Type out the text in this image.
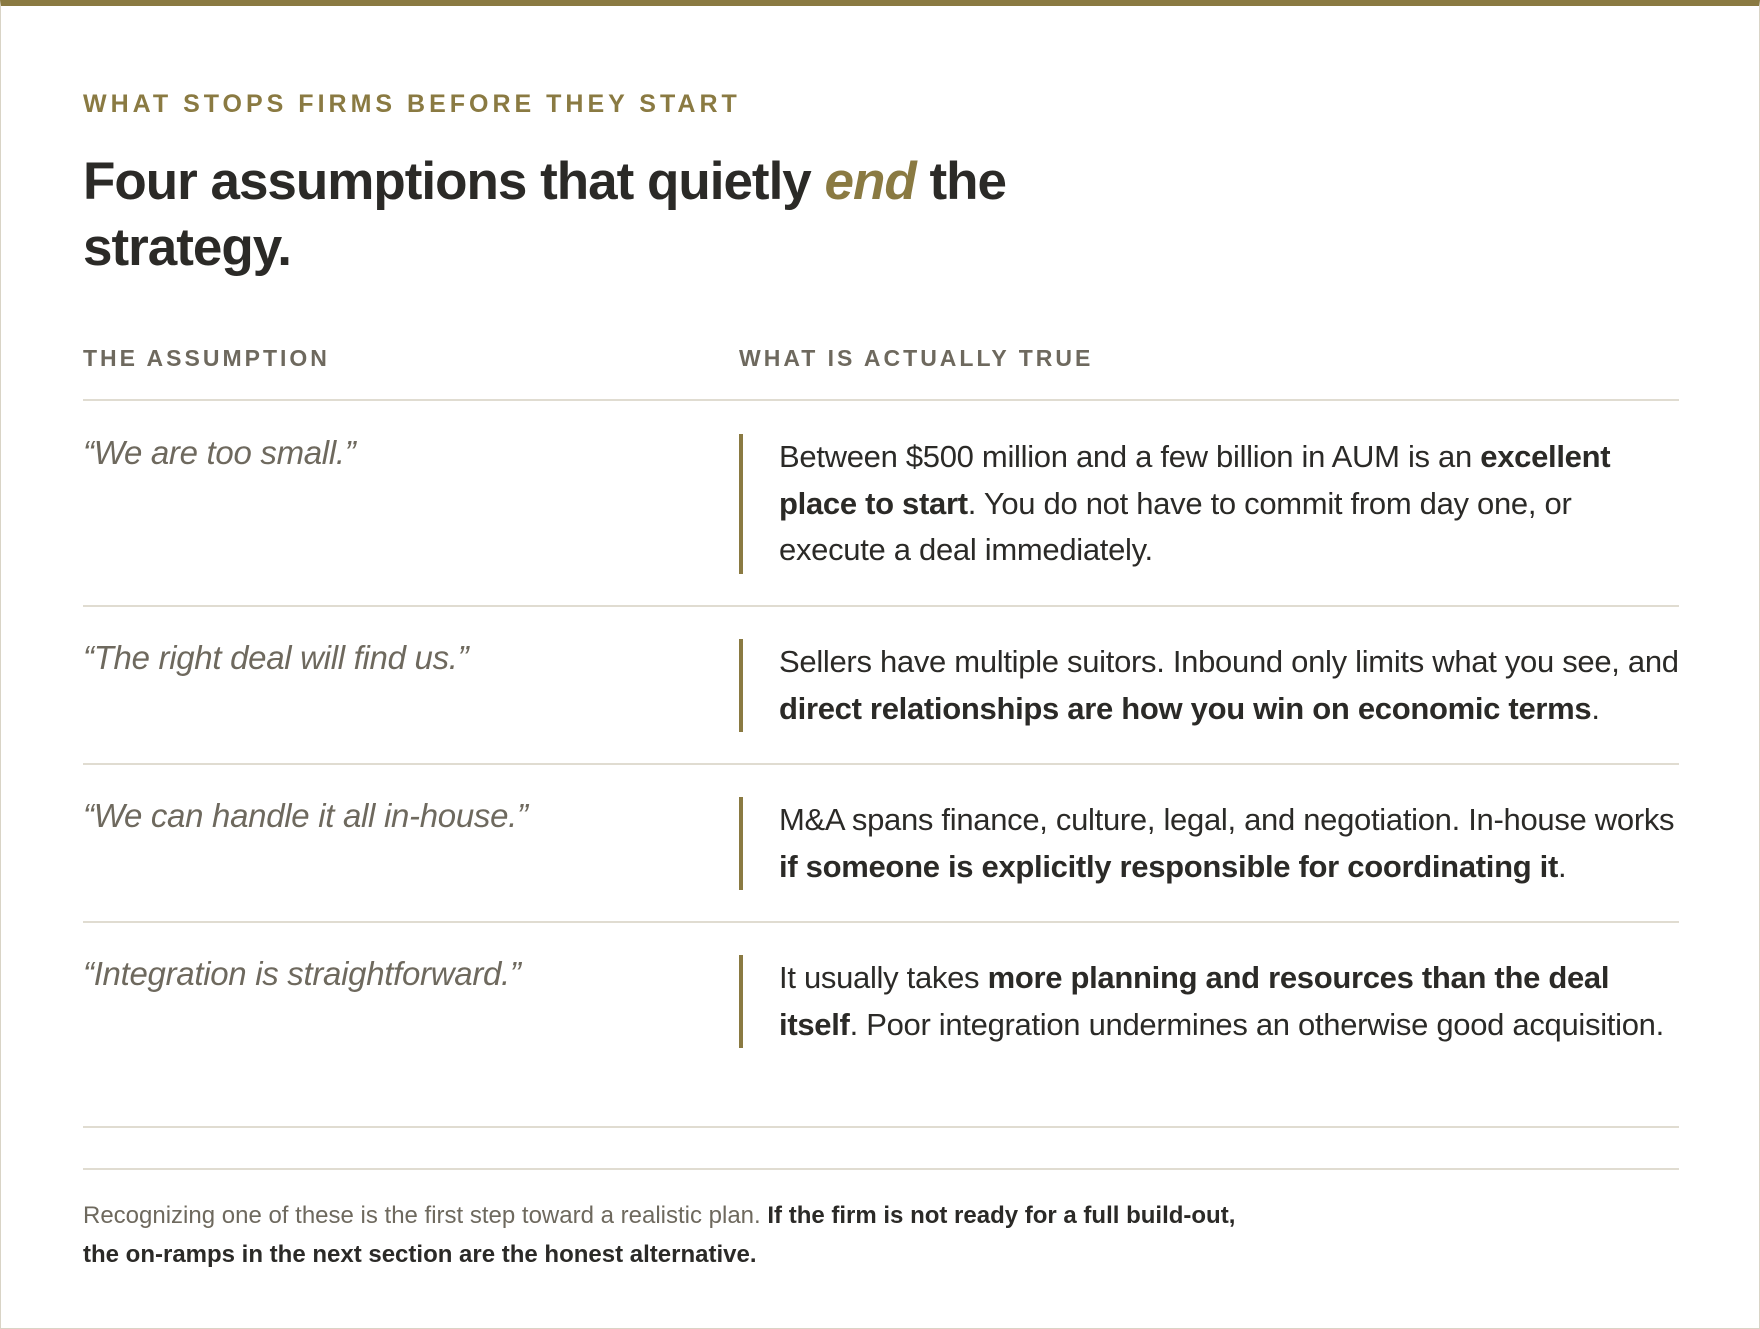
WHAT STOPS FIRMS BEFORE THEY START
Four assumptions that quietly end the strategy.
THE ASSUMPTION	WHAT IS ACTUALLY TRUE
“We are too small.”	Between $500 million and a few billion in AUM is an excellent place to start. You do not have to commit from day one, or execute a deal immediately.
“The right deal will find us.”	Sellers have multiple suitors. Inbound only limits what you see, and direct relationships are how you win on economic terms.
“We can handle it all in-house.”	M&A spans finance, culture, legal, and negotiation. In-house works if someone is explicitly responsible for coordinating it.
“Integration is straightforward.”	It usually takes more planning and resources than the deal itself. Poor integration undermines an otherwise good acquisition.
Recognizing one of these is the first step toward a realistic plan. If the firm is not ready for a full build-out, the on-ramps in the next section are the honest alternative.
